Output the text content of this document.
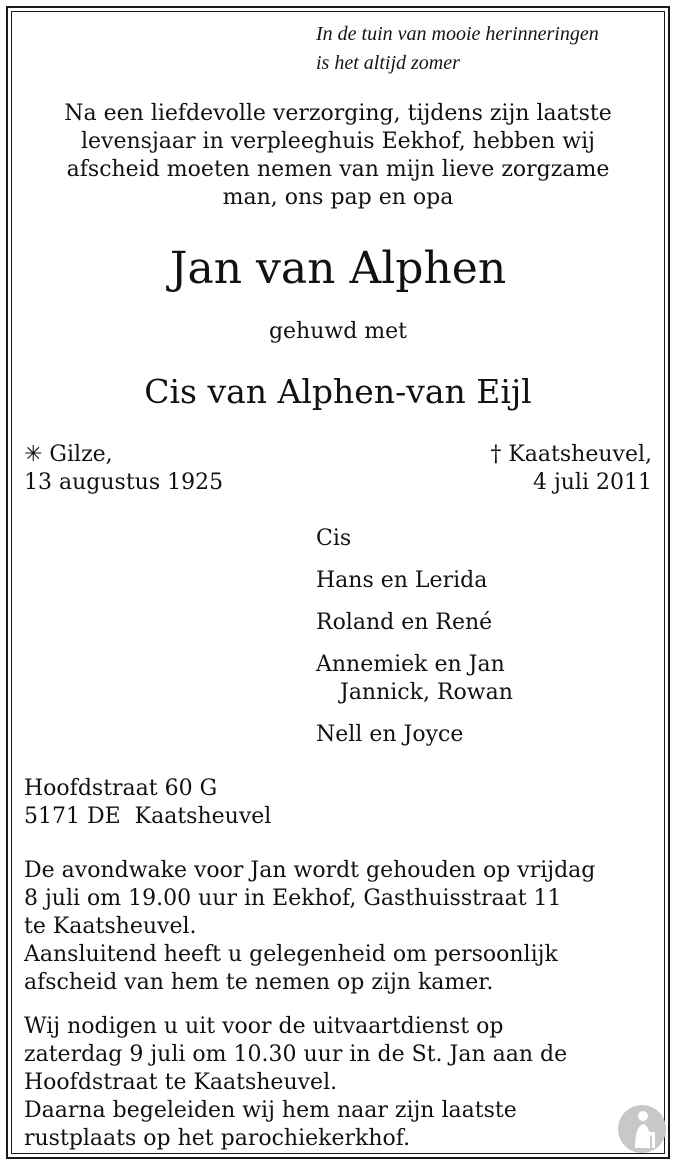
In de tuin van mooie herinneringen
is het altijd zomer
Na een liefdevolle verzorging, tijdens zijn laatste
levensjaar in verpleeghuis Eekhof, hebben wij
afscheid moeten nemen van mijn lieve zorgzame
man, ons pap en opa
Jan van Alphen
gehuwd met
Cis van Alphen-van Eijl
✳ Gilze,
13 augustus 1925
† Kaatsheuvel,
4 juli 2011
Cis
Hans en Lerida
Roland en René
Annemiek en Jan
Jannick, Rowan
Nell en Joyce
Hoofdstraat 60 G
5171 DE  Kaatsheuvel
De avondwake voor Jan wordt gehouden op vrijdag
8 juli om 19.00 uur in Eekhof, Gasthuisstraat 11
te Kaatsheuvel.
Aansluitend heeft u gelegenheid om persoonlijk
afscheid van hem te nemen op zijn kamer.
Wij nodigen u uit voor de uitvaartdienst op
zaterdag 9 juli om 10.30 uur in de St. Jan aan de
Hoofdstraat te Kaatsheuvel.
Daarna begeleiden wij hem naar zijn laatste
rustplaats op het parochiekerkhof.
